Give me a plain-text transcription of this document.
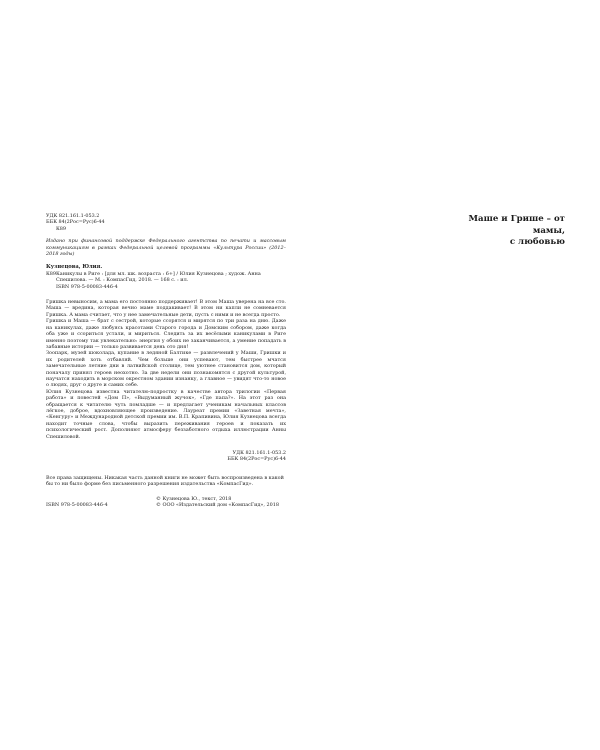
УДК 821.161.1-053.2

ББК 84(2Рос=Рус)6-44

К89

Издано при финансовой поддержке Федерального агентства по печати и массовым коммуникациям в рамках Федеральной целевой программы «Культура России» (2012–2018 годы)

Кузнецова, Юлия.

К89 Каникулы в Риге : [для мл. шк. возраста : 6+] / Юлия Кузнецова ; худож. Анна Спешилова. — М. : КомпасГид, 2018. — 168 с. : ил.

ISBN 978-5-00083-446-4

Гришка невыносим, а мама его постоянно поддерживает! В этом Маша уверена на все сто. Маша — вредина, которая вечно маме поддакивает! В этом ни капли не сомневается Гришка. А мама считает, что у нее замечательные дети, пусть с ними и не всегда просто.

Гришка и Маша — брат с сестрой, которые ссорятся и мирятся по три раза на дню. Даже на каникулах, даже любуясь красотами Старого города и Домским собором, даже когда оба уже и ссориться устали, и мириться. Следить за их весёлыми каникулами в Риге именно поэтому так увлекательно: энергия у обоих не заканчивается, а умение попадать в забавные истории — только развивается день ото дня!

Зоопарк, музей шоколада, купание в ледяной Балтике — развлечений у Маши, Гришки и их родителей хоть отбавляй. Чем больше они успевают, тем быстрее мчатся замечательные летние дни в латвийской столице, тем уютнее становится дом, который поначалу принял героев неохотно. За две недели они познакомятся с другой культурой, научатся находить в морском окрестном здании изнанку, а главное — увидят что-то новое о людях, друг о друге и самих себе.

Юлия Кузнецова известна читателю-подростку в качестве автора трилогии «Первая работа» и повестей «Дом П», «Выдуманный жучок», «Где папа?». На этот раз она обращается к читателю чуть помладше — и предлагает ученикам начальных классов лёгкое, доброе, вдохновляющее произведение. Лауреат премии «Заветная мечта», «Кенгуру» и Международной детской премии им. В.П. Крапивина, Юлия Кузнецова всегда находит точные слова, чтобы выразить переживания героев и показать их психологический рост. Дополняют атмосферу беззаботного отдыха иллюстрации Анны Спешиловой.

УДК 821.161.1-053.2

ББК 84(2Рос=Рус)6-44

Все права защищены. Никакая часть данной книги не может быть воспроизведена в какой бы то ни было форме без письменного разрешения издательства «КомпасГид».

© Кузнецова Ю., текст, 2018
ISBN 978-5-00083-446-4	© ООО «Издательский дом «КомпасГид», 2018
Маше и Грише – от мамы,
с любовью
